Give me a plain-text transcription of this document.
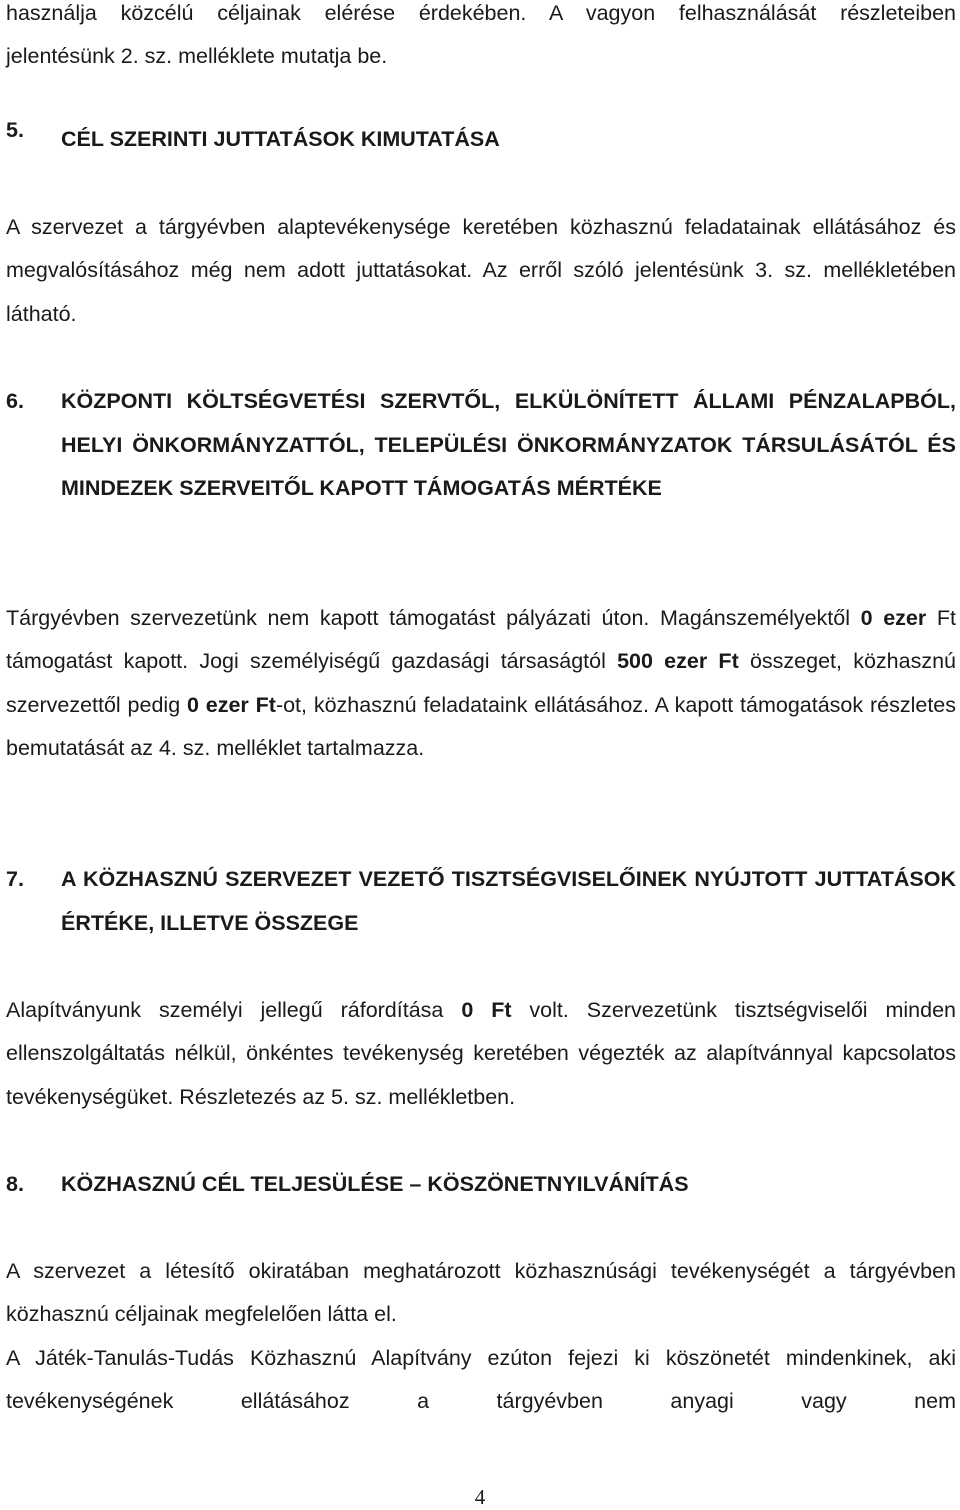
használja közcélú céljainak elérése érdekében. A vagyon felhasználását részleteiben
jelentésünk 2. sz. melléklete mutatja be.
5. CÉL SZERINTI JUTTATÁSOK KIMUTATÁSA
A szervezet a tárgyévben alaptevékenysége keretében közhasznú feladatainak ellátásához és megvalósításához még nem adott juttatásokat. Az erről szóló jelentésünk 3. sz. mellékletében látható.
6. KÖZPONTI KÖLTSÉGVETÉSI SZERVTŐL, ELKÜLÖNÍTETT ÁLLAMI PÉNZALAPBÓL, HELYI ÖNKORMÁNYZATTÓL, TELEPÜLÉSI ÖNKORMÁNYZATOK TÁRSULÁSÁTÓL ÉS MINDEZEK SZERVEITŐL KAPOTT TÁMOGATÁS MÉRTÉKE
Tárgyévben szervezetünk nem kapott támogatást pályázati úton. Magánszemélyektől 0 ezer Ft támogatást kapott. Jogi személyiségű gazdasági társaságtól 500 ezer Ft összeget, közhasznú szervezettől pedig 0 ezer Ft-ot, közhasznú feladataink ellátásához. A kapott támogatások részletes bemutatását az 4. sz. melléklet tartalmazza.
7. A KÖZHASZNÚ SZERVEZET VEZETŐ TISZTSÉGVISELŐINEK NYÚJTOTT JUTTATÁSOK ÉRTÉKE, ILLETVE ÖSSZEGE
Alapítványunk személyi jellegű ráfordítása 0 Ft volt. Szervezetünk tisztségviselői minden ellenszolgáltatás nélkül, önkéntes tevékenység keretében végezték az alapítvánnyal kapcsolatos tevékenységüket. Részletezés az 5. sz. mellékletben.
8. KÖZHASZNÚ CÉL TELJESÜLÉSE – KÖSZÖNETNYILVÁNÍTÁS
A szervezet a létesítő okiratában meghatározott közhasznúsági tevékenységét a tárgyévben közhasznú céljainak megfelelően látta el.
A Játék-Tanulás-Tudás Közhasznú Alapítvány ezúton fejezi ki köszönetét mindenkinek, aki tevékenységének ellátásához a tárgyévben anyagi vagy nem
4
